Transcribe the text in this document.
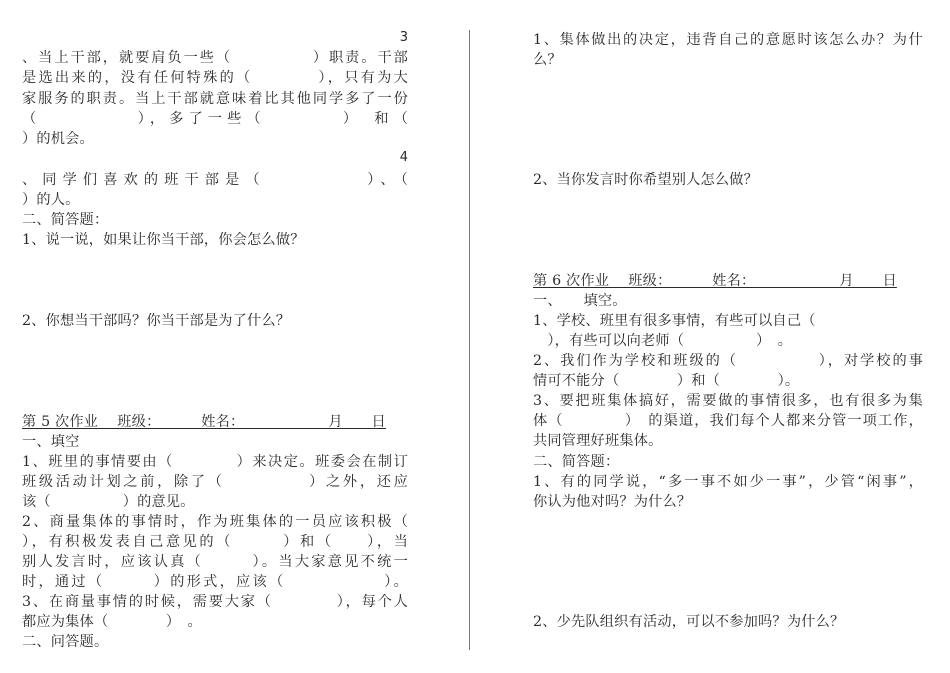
3
、当上干部，就要肩负一些（　　　　　）职责。干部
是选出来的，没有任何特殊的（　　　　），只有为大
家服务的职责。当上干部就意味着比其他同学多了一份
（　　　　　），多了一些（　　　　）　和（
）的机会。
4
、同学们喜欢的班干部是（　　　　　）、（
）的人。
二、简答题：
1、说一说，如果让你当干部，你会怎么做？
2、你想当干部吗？你当干部是为了什么？
第 5 次作业　 班级：　　　 姓名：　　　　　　 月　　日
一、填空
1、班里的事情要由（　　　　）来决定。班委会在制订
班级活动计划之前，除了（　　　　　）之外，还应
该（　　　　　）的意见。
2、商量集体的事情时，作为班集体的一员应该积极（
），有积极发表自己意见的（　　　）和（　　），当
别人发言时，应该认真（　　　）。当大家意见不统一
时，通过（　　　）的形式，应该（　　　　　　）。
3、在商量事情的时候，需要大家（　　　　），每个人
都应为集体（　　　　）　。
二、问答题。
1、集体做出的决定，违背自己的意愿时该怎么办？为什
么？
2、当你发言时你希望别人怎么做？
第 6 次作业　 班级：　　　 姓名：　　　　　　 月　　日
一、　　填空。
1、学校、班里有很多事情，有些可以自己（
　），有些可以向老师（　　　　　）　。
2、我们作为学校和班级的（　　　　　），对学校的事
情可不能分（　　　　）和（　　　　）。
3、要把班集体搞好，需要做的事情很多，也有很多为集
体（　　　　）　的渠道，我们每个人都来分管一项工作，
共同管理好班集体。
二、简答题：
1、有的同学说，“多一事不如少一事”，少管“闲事”，
你认为他对吗？为什么？
2、少先队组织有活动，可以不参加吗？为什么？
